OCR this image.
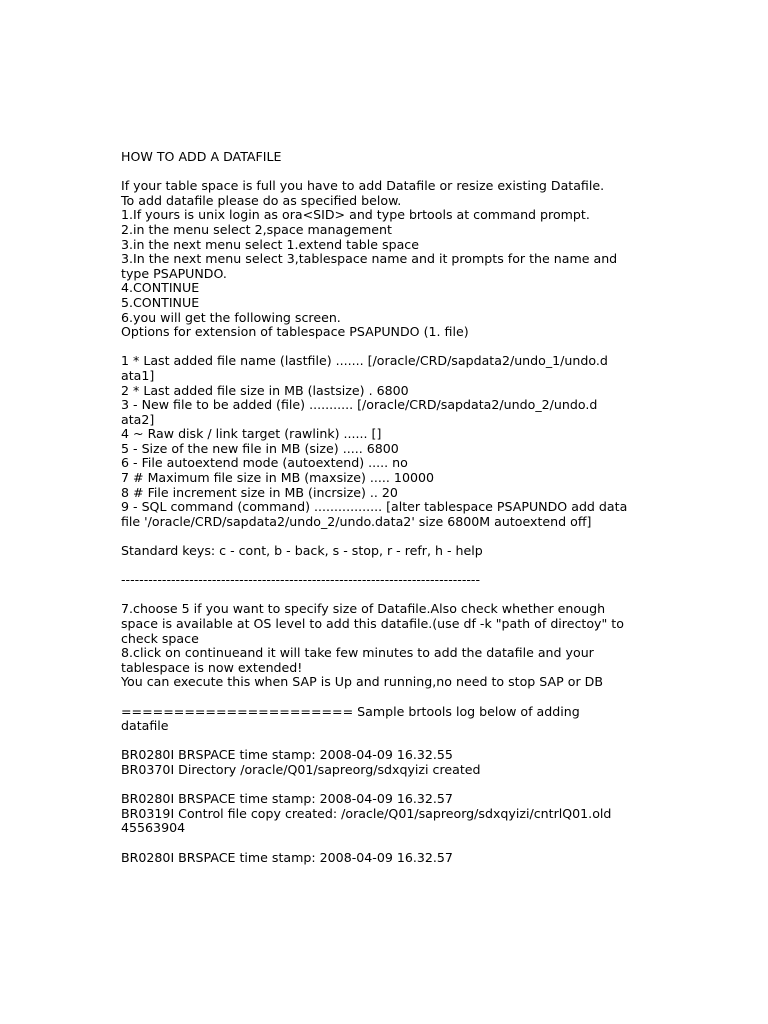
HOW TO ADD A DATAFILE
If your table space is full you have to add Datafile or resize existing Datafile.
To add datafile please do as specified below.
1.If yours is unix login as ora<SID> and type brtools at command prompt.
2.in the menu select 2,space management
3.in the next menu select 1.extend table space
3.In the next menu select 3,tablespace name and it prompts for the name and
type PSAPUNDO.
4.CONTINUE
5.CONTINUE
6.you will get the following screen.
Options for extension of tablespace PSAPUNDO (1. file)
1 * Last added file name (lastfile) ....... [/oracle/CRD/sapdata2/undo_1/undo.d
ata1]
2 * Last added file size in MB (lastsize) . 6800
3 - New file to be added (file) ........... [/oracle/CRD/sapdata2/undo_2/undo.d
ata2]
4 ~ Raw disk / link target (rawlink) ...... []
5 - Size of the new file in MB (size) ..... 6800
6 - File autoextend mode (autoextend) ..... no
7 # Maximum file size in MB (maxsize) ..... 10000
8 # File increment size in MB (incrsize) .. 20
9 - SQL command (command) ................. [alter tablespace PSAPUNDO add data
file '/oracle/CRD/sapdata2/undo_2/undo.data2' size 6800M autoextend off]
Standard keys: c - cont, b - back, s - stop, r - refr, h - help
-------------------------------------------------------------------------------
7.choose 5 if you want to specify size of Datafile.Also check whether enough
space is available at OS level to add this datafile.(use df -k "path of directoy" to
check space
8.click on continueand it will take few minutes to add the datafile and your
tablespace is now extended!
You can execute this when SAP is Up and running,no need to stop SAP or DB
====================== Sample brtools log below of adding
datafile
BR0280I BRSPACE time stamp: 2008-04-09 16.32.55
BR0370I Directory /oracle/Q01/sapreorg/sdxqyizi created
BR0280I BRSPACE time stamp: 2008-04-09 16.32.57
BR0319I Control file copy created: /oracle/Q01/sapreorg/sdxqyizi/cntrlQ01.old
45563904
BR0280I BRSPACE time stamp: 2008-04-09 16.32.57
